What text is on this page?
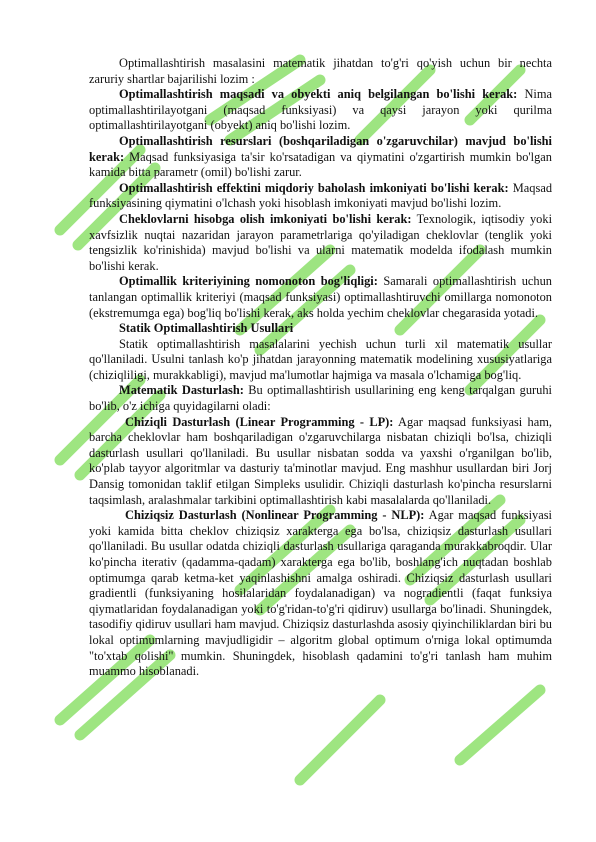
Optimallashtirish masalasini matematik jihatdan to'g'ri qo'yish uchun bir nechta zaruriy shartlar bajarilishi lozim :

Optimallashtirish maqsadi va obyekti aniq belgilangan bo'lishi kerak: Nima optimallashtirilayotgani (maqsad funksiyasi) va qaysi jarayon yoki qurilma optimallashtirilayotgani (obyekt) aniq bo'lishi lozim.

Optimallashtirish resurslari (boshqariladigan o'zgaruvchilar) mavjud bo'lishi kerak: Maqsad funksiyasiga ta'sir ko'rsatadigan va qiymatini o'zgartirish mumkin bo'lgan kamida bitta parametr (omil) bo'lishi zarur.

Optimallashtirish effektini miqdoriy baholash imkoniyati bo'lishi kerak: Maqsad funksiyasining qiymatini o'lchash yoki hisoblash imkoniyati mavjud bo'lishi lozim.

Cheklovlarni hisobga olish imkoniyati bo'lishi kerak: Texnologik, iqtisodiy yoki xavfsizlik nuqtai nazaridan jarayon parametrlariga qo'yiladigan cheklovlar (tenglik yoki tengsizlik ko'rinishida) mavjud bo'lishi va ularni matematik modelda ifodalash mumkin bo'lishi kerak.

Optimallik kriteriyining nomonoton bog'liqligi: Samarali optimallashtirish uchun tanlangan optimallik kriteriyi (maqsad funksiyasi) optimallashtiruvchi omillarga nomonoton (ekstremumga ega) bog'liq bo'lishi kerak, aks holda yechim cheklovlar chegarasida yotadi.

Statik Optimallashtirish Usullari

Statik optimallashtirish masalalarini yechish uchun turli xil matematik usullar qo'llaniladi. Usulni tanlash ko'p jihatdan jarayonning matematik modelining xususiyatlariga (chiziqliligi, murakkabligi), mavjud ma'lumotlar hajmiga va masala o'lchamiga bog'liq.

Matematik Dasturlash: Bu optimallashtirish usullarining eng keng tarqalgan guruhi bo'lib, o'z ichiga quyidagilarni oladi:

Chiziqli Dasturlash (Linear Programming - LP): Agar maqsad funksiyasi ham, barcha cheklovlar ham boshqariladigan o'zgaruvchilarga nisbatan chiziqli bo'lsa, chiziqli dasturlash usullari qo'llaniladi. Bu usullar nisbatan sodda va yaxshi o'rganilgan bo'lib, ko'plab tayyor algoritmlar va dasturiy ta'minotlar mavjud. Eng mashhur usullardan biri Jorj Dansig tomonidan taklif etilgan Simpleks usulidir. Chiziqli dasturlash ko'pincha resurslarni taqsimlash, aralashmalar tarkibini optimallashtirish kabi masalalarda qo'llaniladi.

Chiziqsiz Dasturlash (Nonlinear Programming - NLP): Agar maqsad funksiyasi yoki kamida bitta cheklov chiziqsiz xarakterga ega bo'lsa, chiziqsiz dasturlash usullari qo'llaniladi. Bu usullar odatda chiziqli dasturlash usullariga qaraganda murakkabroqdir. Ular ko'pincha iterativ (qadamma-qadam) xarakterga ega bo'lib, boshlang'ich nuqtadan boshlab optimumga qarab ketma-ket yaqinlashishni amalga oshiradi. Chiziqsiz dasturlash usullari gradientli (funksiyaning hosilalaridan foydalanadigan) va nogradientli (faqat funksiya qiymatlaridan foydalanadigan yoki to'g'ridan-to'g'ri qidiruv) usullarga bo'linadi. Shuningdek, tasodifiy qidiruv usullari ham mavjud. Chiziqsiz dasturlashda asosiy qiyinchiliklardan biri bu lokal optimumlarning mavjudligidir – algoritm global optimum o'rniga lokal optimumda "to'xtab qolishi" mumkin. Shuningdek, hisoblash qadamini to'g'ri tanlash ham muhim muammo hisoblanadi.
